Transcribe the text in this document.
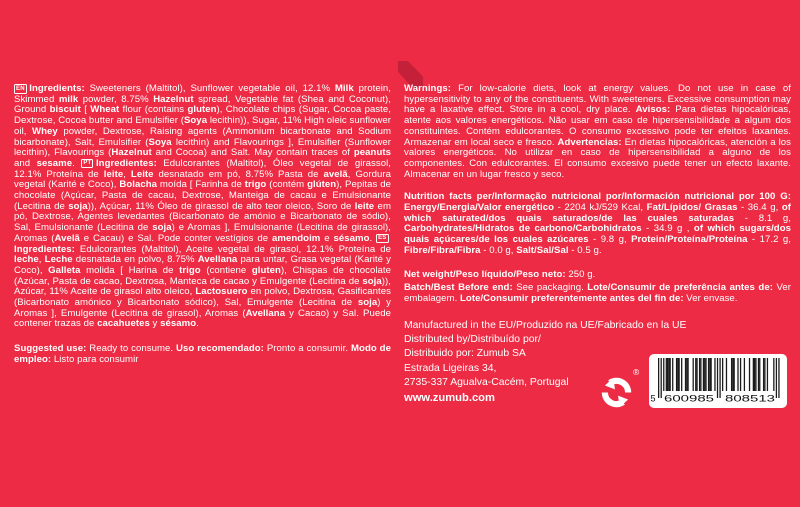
EN Ingredients: Sweeteners (Maltitol), Sunflower vegetable oil, 12.1% Milk protein, Skimmed milk powder, 8.75% Hazelnut spread, Vegetable fat (Shea and Coconut), Ground biscuit [ Wheat flour (contains gluten), Chocolate chips (Sugar, Cocoa paste, Dextrose, Cocoa butter and Emulsifier (Soya lecithin)), Sugar, 11% High oleic sunflower oil, Whey powder, Dextrose, Raising agents (Ammonium bicarbonate and Sodium bicarbonate), Salt, Emulsifier (Soya lecithin) and Flavourings ], Emulsifier (Sunflower lecithin), Flavourings (Hazelnut and Cocoa) and Salt. May contain traces of peanuts and sesame. PT Ingredientes: Edulcorantes (Maltitol), Óleo vegetal de girassol, 12.1% Proteína de leite, Leite desnatado em pó, 8.75% Pasta de avelã, Gordura vegetal (Karité e Coco), Bolacha moída [ Farinha de trigo (contém glúten), Pepitas de chocolate (Açúcar, Pasta de cacau, Dextrose, Manteiga de cacau e Emulsionante (Lecitina de soja)), Açúcar, 11% Óleo de girassol de alto teor oleico, Soro de leite em pó, Dextrose, Agentes levedantes (Bicarbonato de amónio e Bicarbonato de sódio), Sal, Emulsionante (Lecitina de soja) e Aromas ], Emulsionante (Lecitina de girassol), Aromas (Avelã e Cacau) e Sal. Pode conter vestígios de amendoim e sésamo. ESIngredientes: Edulcorantes (Maltitol), Aceite vegetal de girasol, 12.1% Proteína de leche, Leche desnatada en polvo, 8.75% Avellana para untar, Grasa vegetal (Karité y Coco), Galleta molida [ Harina de trigo (contiene gluten), Chispas de chocolate (Azúcar, Pasta de cacao, Dextrosa, Manteca de cacao y Emulgente (Lecitina de soja)), Azúcar, 11% Aceite de girasol alto oleico, Lactosuero en polvo, Dextrosa, Gasificantes (Bicarbonato amónico y Bicarbonato sódico), Sal, Emulgente (Lecitina de soja) y Aromas ], Emulgente (Lecitina de girasol), Aromas (Avellana y Cacao) y Sal. Puede contener trazas de cacahuetes y sésamo.

Suggested use: Ready to consume. Uso recomendado: Pronto a consumir. Modo de empleo: Listo para consumir

Warnings: For low-calorie diets, look at energy values. Do not use in case of hypersensitivity to any of the constituents. With sweeteners. Excessive consumption may have a laxative effect. Store in a cool, dry place. Avisos: Para dietas hipocalóricas, atente aos valores energéticos. Não usar em caso de hipersensibilidade a algum dos constituintes. Contém edulcorantes. O consumo excessivo pode ter efeitos laxantes. Armazenar em local seco e fresco. Advertencias: En dietas hipocalóricas, atención a los valores energéticos. No utilizar en caso de hipersensibilidad a alguno de los componentes. Con edulcorantes. El consumo excesivo puede tener un efecto laxante. Almacenar en un lugar fresco y seco.

Nutrition facts per/Informação nutricional por/Información nutricional por 100 G: Energy/Energia/Valor energético - 2204 kJ/529 Kcal, Fat/Lípidos/ Grasas - 36.4 g, of which saturated/dos quais saturados/de las cuales saturadas - 8.1 g, Carbohydrates/Hidratos de carbono/Carbohidratos - 34.9 g , of which sugars/dos quais açúcares/de los cuales azúcares - 9.8 g, Protein/Proteína/Proteína - 17.2 g, Fibre/Fibra/Fibra - 0.0 g, Salt/Sal/Sal - 0.5 g.

Net weight/Peso líquido/Peso neto: 250 g.

Batch/Best Before end: See packaging. Lote/Consumir de preferência antes de: Ver embalagem. Lote/Consumir preferentemente antes del fin de: Ver envase.

Manufactured in the EU/Produzido na UE/Fabricado en la UE
Distributed by/Distribuído por/
Distribuido por: Zumub SA
Estrada Ligeiras 34,
2735-337 Agualva-Cacém, Portugal
www.zumub.com
®
5 600985 808513
